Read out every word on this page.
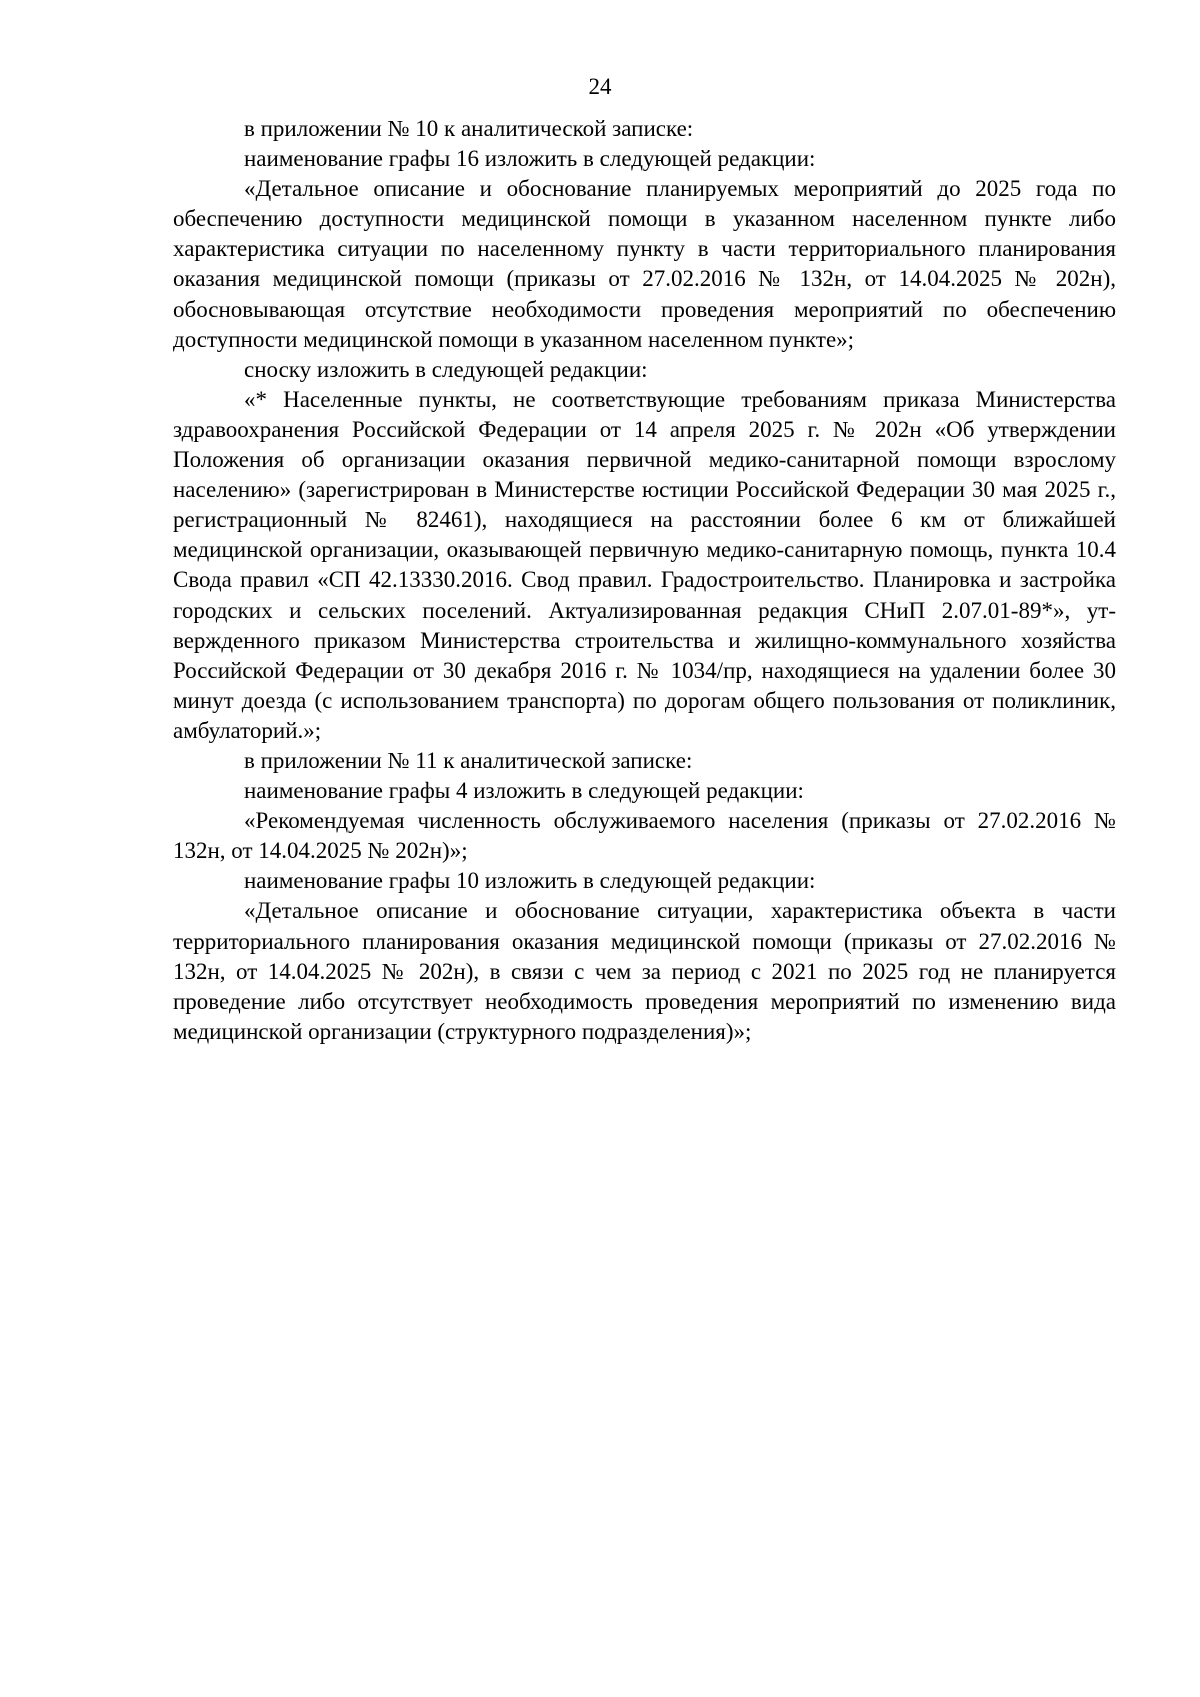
24

в приложении № 10 к аналитической записке:

наименование графы 16 изложить в следующей редакции:

«Детальное описание и обоснование планируемых мероприятий до 2025 года по обеспечению доступности медицинской помощи в указанном населенном пункте либо характеристика ситуации по населенному пункту в части территориального планирования оказания медицинской помощи (приказы от 27.02.2016 № 132н, от 14.04.2025 № 202н), обосновывающая отсутствие необходимости проведения мероприятий по обеспечению доступности медицинской помощи в указанном населенном пункте»;

сноску изложить в следующей редакции:

«* Населенные пункты, не соответствующие требованиям приказа Министерства здравоохранения Российской Федерации от 14 апреля 2025 г. № 202н «Об утверждении Положения об организации оказания первичной медико-санитарной помощи взрослому населению» (зарегистрирован в Министерстве юстиции Российской Федерации 30 мая 2025 г., регистрационный № 82461), находящиеся на расстоянии более 6 км от ближайшей медицинской организации, оказывающей первичную медико-санитарную помощь, пункта 10.4 Свода правил «СП 42.13330.2016. Свод правил. Градостроительство. Планировка и застройка городских и сельских поселений. Актуализированная редакция СНиП 2.07.01-89*», утвержденного приказом Министерства строительства и жилищно-коммунального хозяйства Российской Федерации от 30 декабря 2016 г. № 1034/пр, находящиеся на удалении более 30 минут доезда (с использованием транспорта) по дорогам общего пользования от поликлиник, амбулаторий.»;

в приложении № 11 к аналитической записке:

наименование графы 4 изложить в следующей редакции:

«Рекомендуемая численность обслуживаемого населения (приказы от 27.02.2016 № 132н, от 14.04.2025 № 202н)»;

наименование графы 10 изложить в следующей редакции:

«Детальное описание и обоснование ситуации, характеристика объекта в части территориального планирования оказания медицинской помощи (приказы от 27.02.2016 № 132н, от 14.04.2025 № 202н), в связи с чем за период с 2021 по 2025 год не планируется проведение либо отсутствует необходимость проведения мероприятий по изменению вида медицинской организации (структурного подразделения)»;
